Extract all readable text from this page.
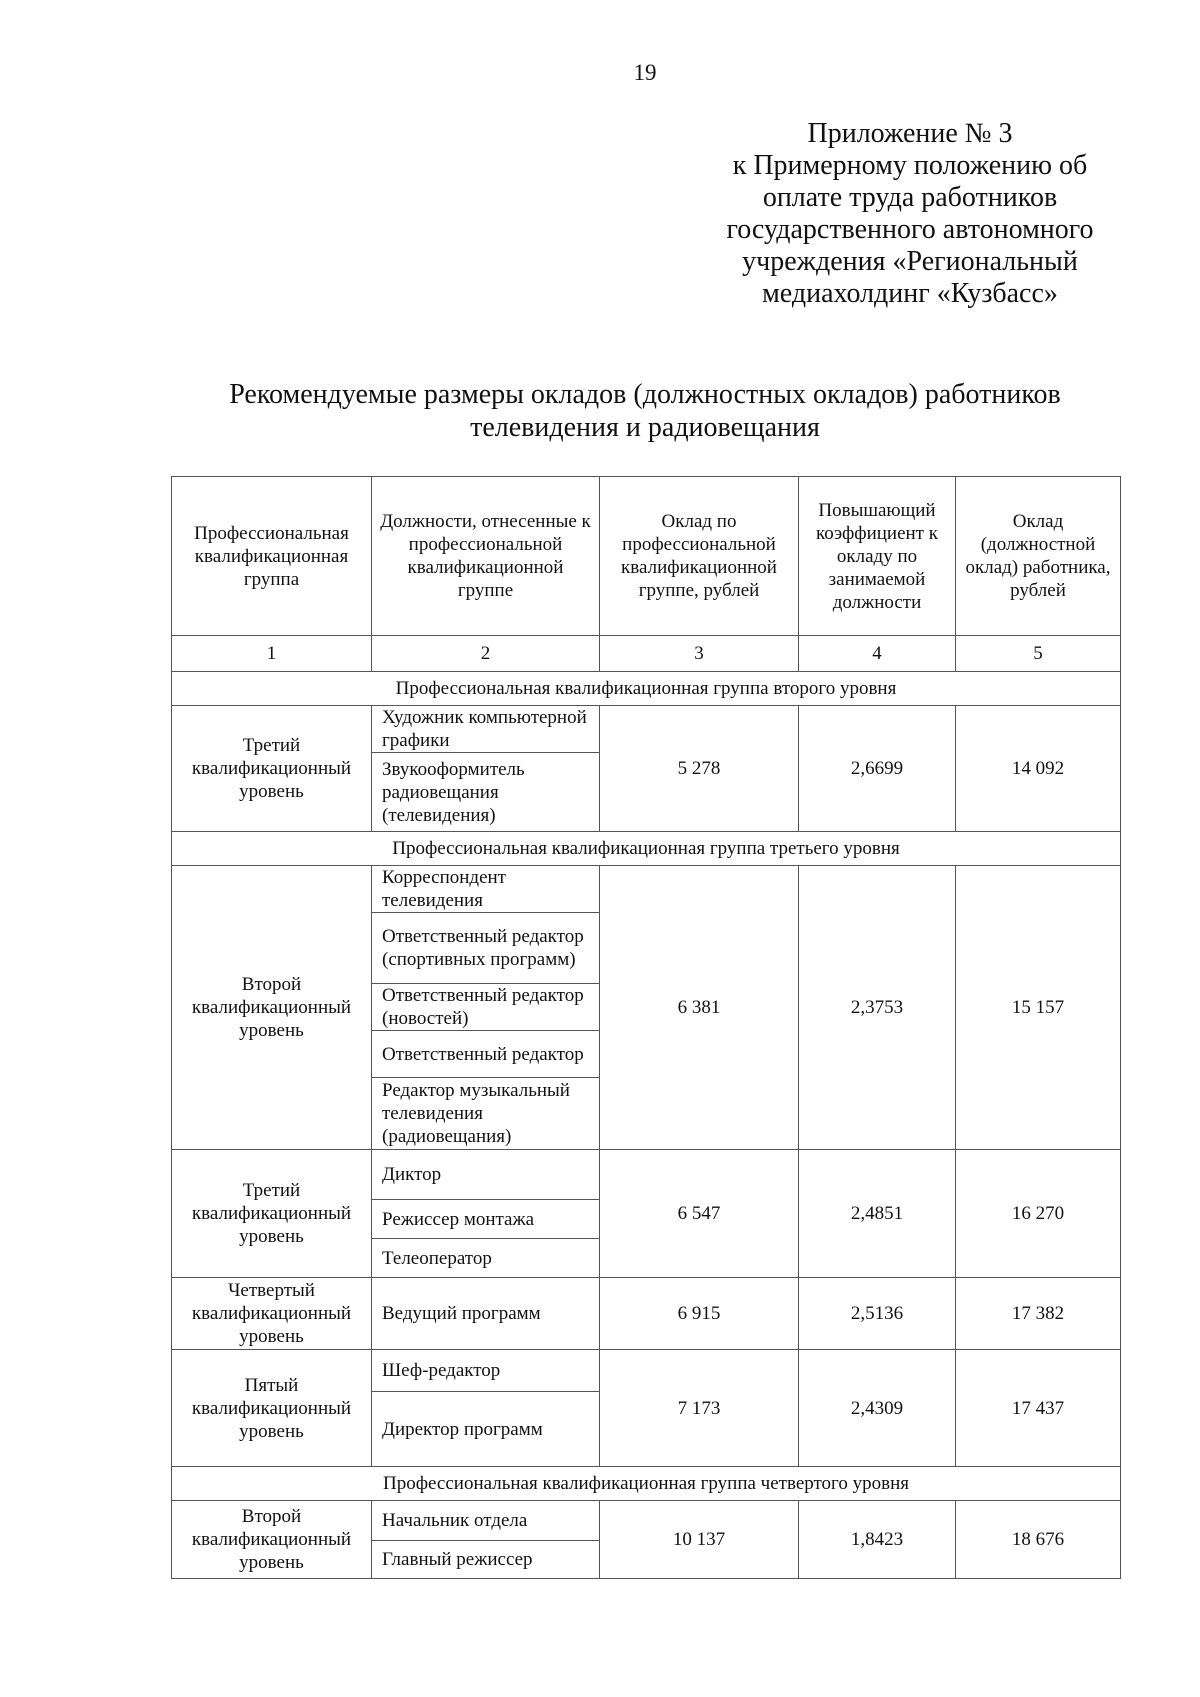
19
Приложение № 3
к Примерному положению об
оплате труда работников
государственного автономного
учреждения «Региональный
медиахолдинг «Кузбасс»
Рекомендуемые размеры окладов (должностных окладов) работников
телевидения и радиовещания
Профессиональная квалификационная группа	Должности, отнесенные к профессиональной квалификационной группе	Оклад по профессиональной квалификационной группе, рублей	Повышающий коэффициент к окладу по занимаемой должности	Оклад (должностной оклад) работника, рублей
1	2	3	4	5
Профессиональная квалификационная группа второго уровня				
Третий квалификационный уровень	Художник компьютерной графики	5 278	2,6699	14 092
	Звукооформитель радиовещания (телевидения)			
Профессиональная квалификационная группа третьего уровня				
Второй квалификационный уровень	Корреспондент телевидения	6 381	2,3753	15 157
	Ответственный редактор (спортивных программ)			
	Ответственный редактор (новостей)			
	Ответственный редактор			
	Редактор музыкальный телевидения (радиовещания)			
Третий квалификационный уровень	Диктор	6 547	2,4851	16 270
	Режиссер монтажа			
	Телеоператор			
Четвертый квалификационный уровень	Ведущий программ	6 915	2,5136	17 382
Пятый квалификационный уровень	Шеф-редактор	7 173	2,4309	17 437
	Директор программ			
Профессиональная квалификационная группа четвертого уровня				
Второй квалификационный уровень	Начальник отдела	10 137	1,8423	18 676
	Главный режиссер			
